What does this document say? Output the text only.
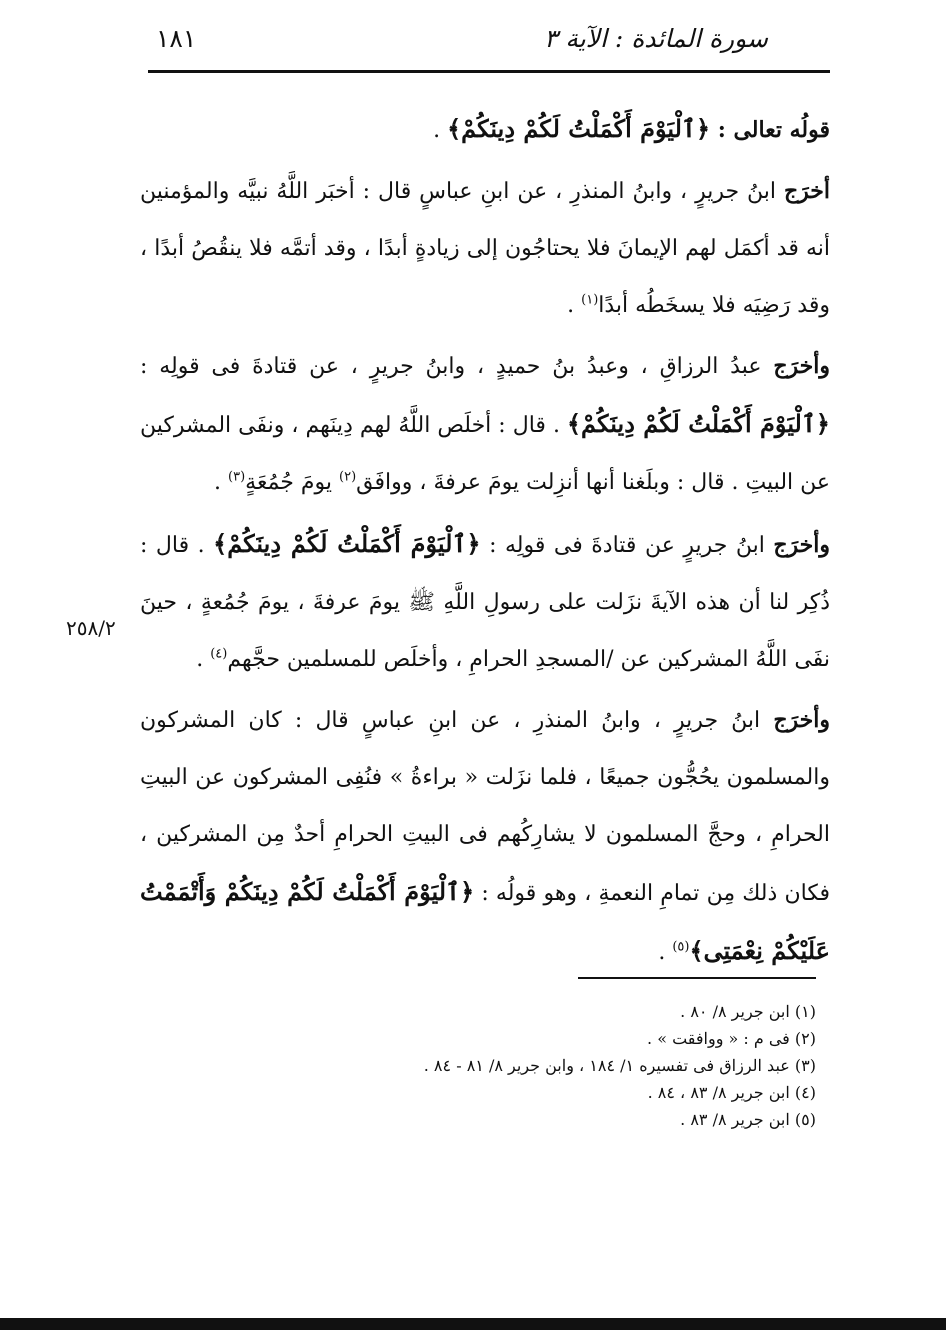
سورة المائدة : الآية ٣
١٨١

قولُه تعالى : ﴿ٱلْيَوْمَ أَكْمَلْتُ لَكُمْ دِينَكُمْ﴾ .

أخرَج ابنُ جريرٍ ، وابنُ المنذرِ ، عن ابنِ عباسٍ قال : أخبَر اللَّهُ نبيَّه والمؤمنين أنه قد أكمَل لهم الإيمانَ فلا يحتاجُون إلى زيادةٍ أبدًا ، وقد أتمَّه فلا ينقُصُ أبدًا ، وقد رَضِيَه فلا يسخَطُه أبدًا$^{(١)}$ .

وأخرَج عبدُ الرزاقِ ، وعبدُ بنُ حميدٍ ، وابنُ جريرٍ ، عن قتادةَ فى قولِه : ﴿ٱلْيَوْمَ أَكْمَلْتُ لَكُمْ دِينَكُمْ﴾ . قال : أخلَص اللَّهُ لهم دِينَهم ، ونفَى المشركين عن البيتِ . قال : وبلَغنا أنها أنزِلت يومَ عرفةَ ، ووافَق$^{(٢)}$ يومَ جُمُعَةٍ$^{(٣)}$ .

وأخرَج ابنُ جريرٍ عن قتادةَ فى قولِه : ﴿ٱلْيَوْمَ أَكْمَلْتُ لَكُمْ دِينَكُمْ﴾ . قال : ذُكِر لنا أن هذه الآيةَ نزَلت على رسولِ اللَّهِ ﷺ يومَ عرفةَ ، يومَ جُمُعةٍ ، حينَ نفَى اللَّهُ المشركين عن /المسجدِ الحرامِ ، وأخلَص للمسلمين حجَّهم$^{(٤)}$ .

وأخرَج ابنُ جريرٍ ، وابنُ المنذرِ ، عن ابنِ عباسٍ قال : كان المشركون والمسلمون يحُجُّون جميعًا ، فلما نزَلت « براءةُ » فنُفِى المشركون عن البيتِ الحرامِ ، وحجَّ المسلمون لا يشارِكُهم فى البيتِ الحرامِ أحدٌ مِن المشركين ، فكان ذلك مِن تمامِ النعمةِ ، وهو قولُه : ﴿ٱلْيَوْمَ أَكْمَلْتُ لَكُمْ دِينَكُمْ وَأَتْمَمْتُ عَلَيْكُمْ نِعْمَتِى﴾$^{(٥)}$ .

٢٥٨/٢
(١) ابن جرير ٨/ ٨٠ .
(٢) فى م : « ووافقت » .
(٣) عبد الرزاق فى تفسيره ١/ ١٨٤ ، وابن جرير ٨/ ٨١ - ٨٤ .
(٤) ابن جرير ٨/ ٨٣ ، ٨٤ .
(٥) ابن جرير ٨/ ٨٣ .
